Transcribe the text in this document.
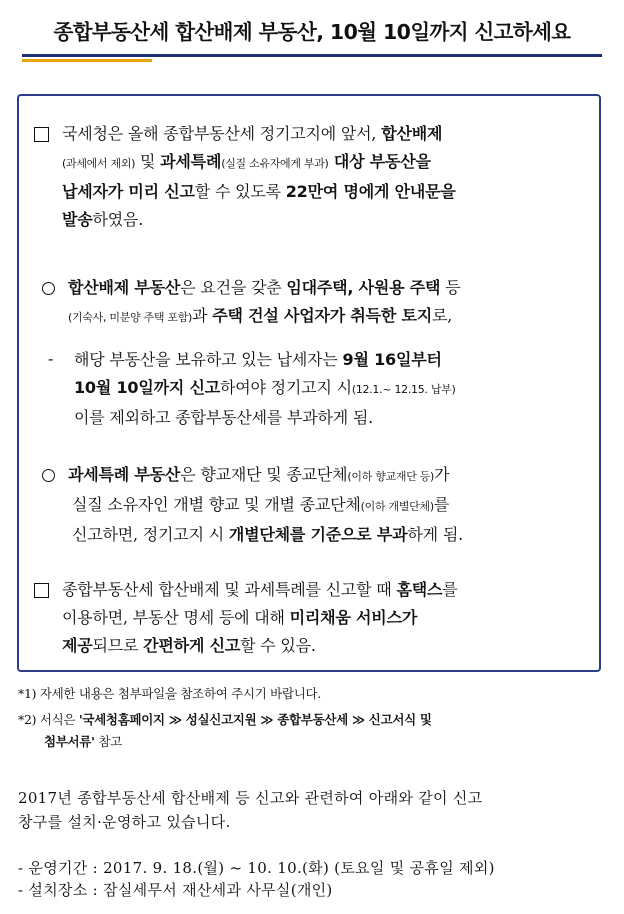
종합부동산세 합산배제 부동산, 10월 10일까지 신고하세요
국세청은 올해 종합부동산세 정기고지에 앞서, 합산배제
(과세에서 제외) 및 과세특례(실질 소유자에게 부과) 대상 부동산을
납세자가 미리 신고할 수 있도록 22만여 명에게 안내문을
발송하였음.
합산배제 부동산은 요건을 갖춘 임대주택, 사원용 주택 등
(기숙사, 미분양 주택 포함)과 주택 건설 사업자가 취득한 토지로,
- 해당 부동산을 보유하고 있는 납세자는 9월 16일부터
10월 10일까지 신고하여야 정기고지 시(12.1.~ 12.15. 납부)
이를 제외하고 종합부동산세를 부과하게 됨.
과세특례 부동산은 향교재단 및 종교단체(이하 향교재단 등)가
실질 소유자인 개별 향교 및 개별 종교단체(이하 개별단체)를
신고하면, 정기고지 시 개별단체를 기준으로 부과하게 됨.
종합부동산세 합산배제 및 과세특례를 신고할 때 홈택스를
이용하면, 부동산 명세 등에 대해 미리채움 서비스가
제공되므로 간편하게 신고할 수 있음.
*1) 자세한 내용은 첨부파일을 참조하여 주시기 바랍니다.
*2) 서식은 '국세청홈페이지 ≫ 성실신고지원 ≫ 종합부동산세 ≫ 신고서식 및
첨부서류' 참고
2017년 종합부동산세 합산배제 등 신고와 관련하여 아래와 같이 신고
창구를 설치·운영하고 있습니다.
- 운영기간 : 2017. 9. 18.(월) ~ 10. 10.(화) (토요일 및 공휴일 제외)
- 설치장소 : 잠실세무서 재산세과 사무실(개인)
